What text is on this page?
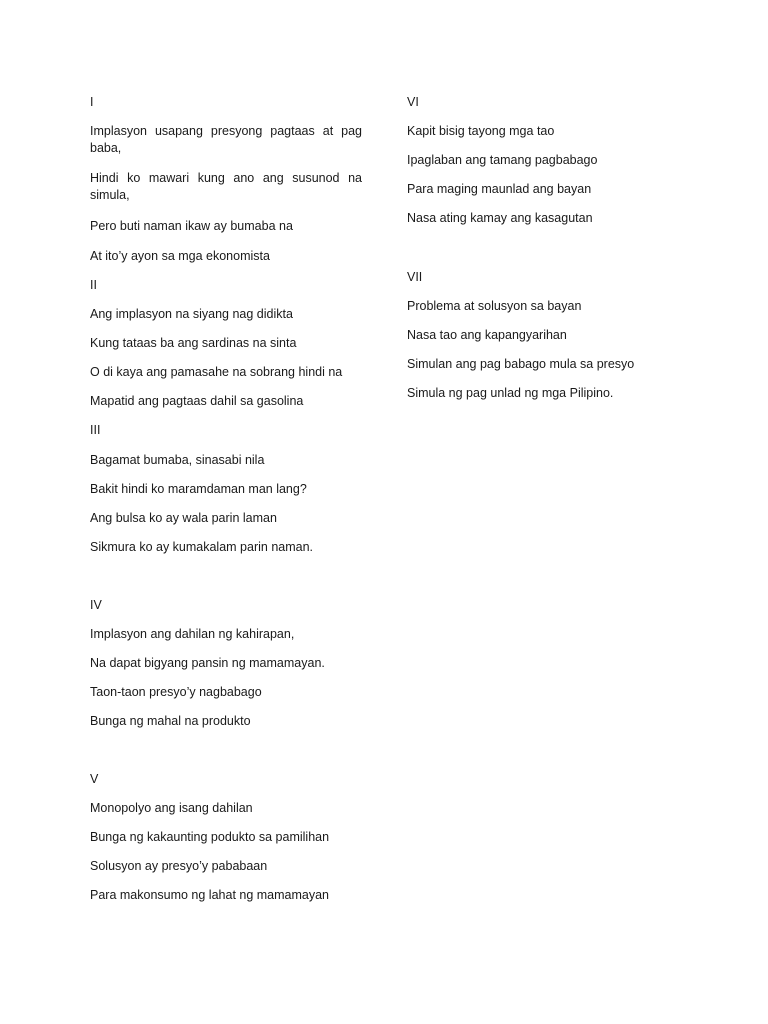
I
Implasyon usapang presyong pagtaas at pag baba,
Hindi ko mawari kung ano ang susunod na simula,
Pero buti naman ikaw ay bumaba na
At ito’y ayon sa mga ekonomista
II
Ang implasyon na siyang nag didikta
Kung tataas ba ang sardinas na sinta
O di kaya ang pamasahe na sobrang hindi na
Mapatid ang pagtaas dahil sa gasolina
III
Bagamat bumaba, sinasabi nila
Bakit hindi ko maramdaman man lang?
Ang bulsa ko ay wala parin laman
Sikmura ko ay kumakalam parin naman.
IV
Implasyon ang dahilan ng kahirapan,
Na dapat bigyang pansin ng mamamayan.
Taon-taon presyo’y nagbabago
Bunga ng mahal na produkto
V
Monopolyo ang isang dahilan
Bunga ng kakaunting podukto sa pamilihan
Solusyon ay presyo’y pababaan
Para makonsumo ng lahat ng mamamayan
VI
Kapit bisig tayong mga tao
Ipaglaban ang tamang pagbabago
Para maging maunlad ang bayan
Nasa ating kamay ang kasagutan
VII
Problema at solusyon sa bayan
Nasa tao ang kapangyarihan
Simulan ang pag babago mula sa presyo
Simula ng pag unlad ng mga Pilipino.
